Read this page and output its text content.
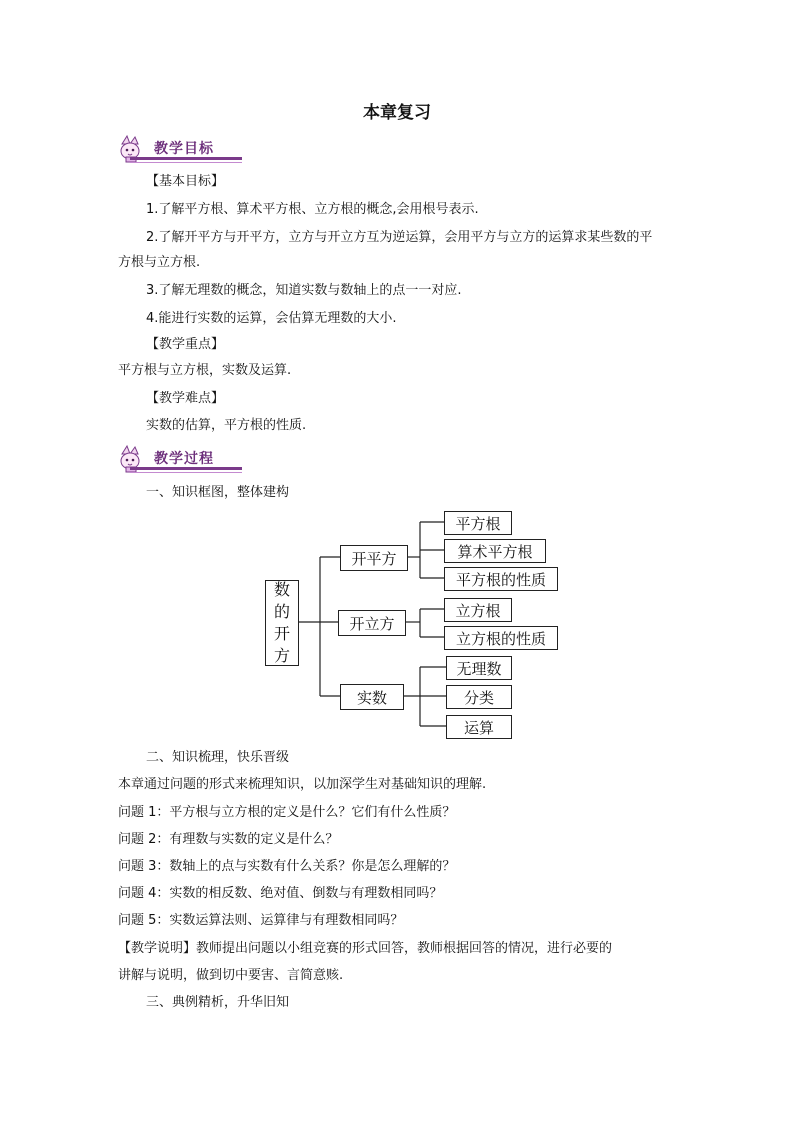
本章复习
教学目标
【基本目标】
1.了解平方根、算术平方根、立方根的概念,会用根号表示.
2.了解开平方与开平方，立方与开立方互为逆运算，会用平方与立方的运算求某些数的平
方根与立方根.
3.了解无理数的概念，知道实数与数轴上的点一一对应.
4.能进行实数的运算，会估算无理数的大小.
【教学重点】
平方根与立方根，实数及运算.
【教学难点】
实数的估算，平方根的性质.
教学过程
一、知识框图，整体建构
数
的
开
方
开平方
开立方
实数
平方根
算术平方根
平方根的性质
立方根
立方根的性质
无理数
分类
运算
二、知识梳理，快乐晋级
本章通过问题的形式来梳理知识，以加深学生对基础知识的理解.
问题 1：平方根与立方根的定义是什么？它们有什么性质？
问题 2：有理数与实数的定义是什么？
问题 3：数轴上的点与实数有什么关系？你是怎么理解的？
问题 4：实数的相反数、绝对值、倒数与有理数相同吗？
问题 5：实数运算法则、运算律与有理数相同吗？
【教学说明】教师提出问题以小组竞赛的形式回答，教师根据回答的情况，进行必要的
讲解与说明，做到切中要害、言简意赅.
三、典例精析，升华旧知
